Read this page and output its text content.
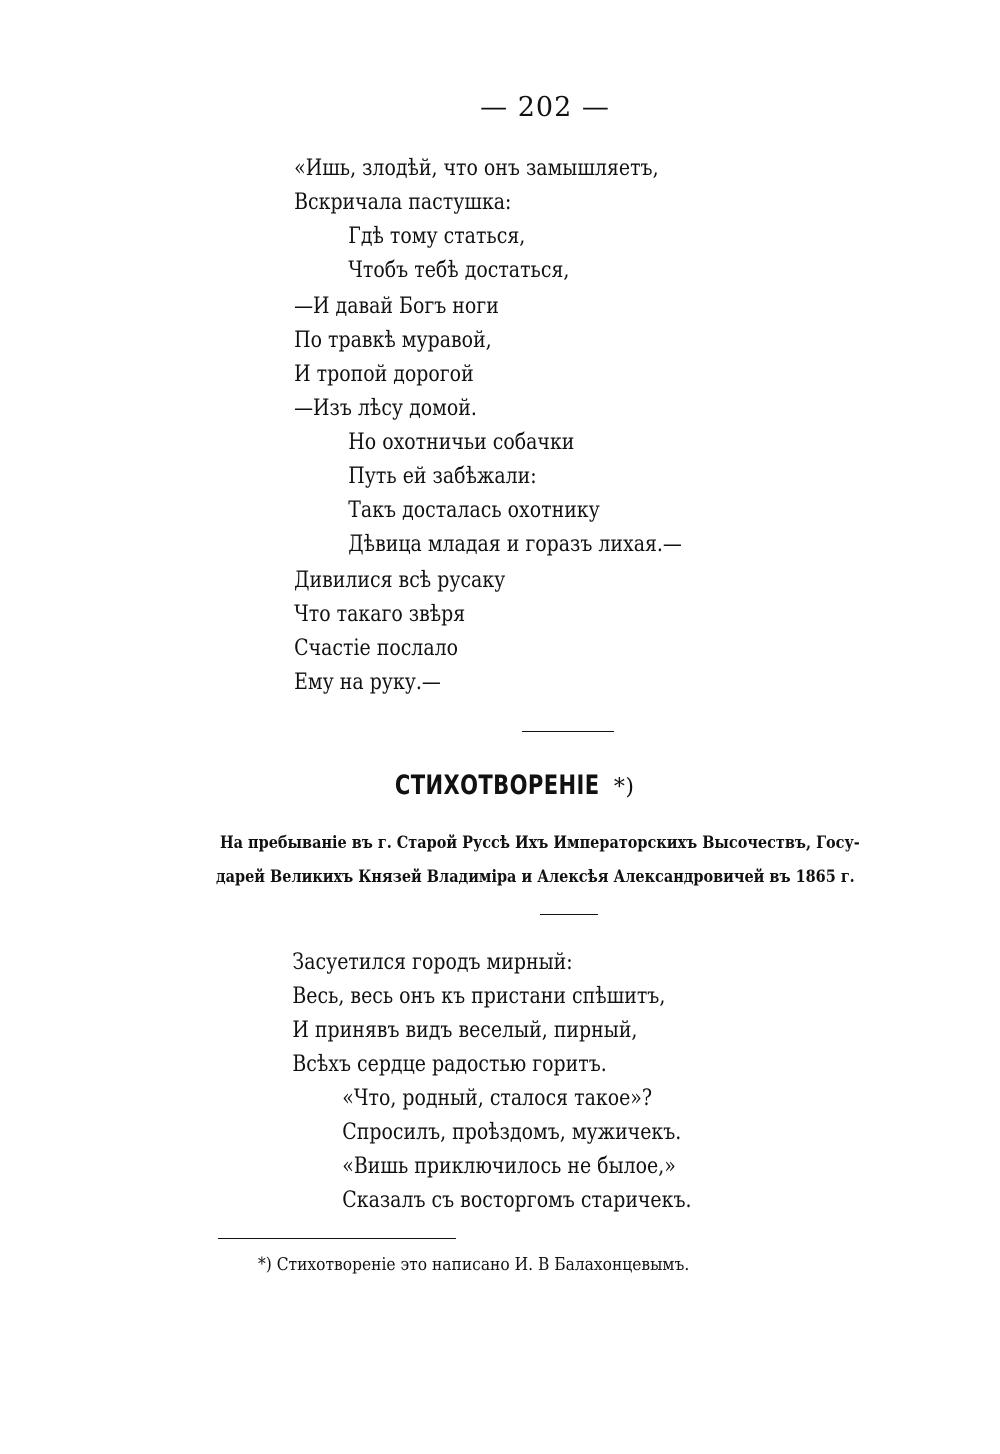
— 202 —
«Ишь, злодѣй, что онъ замышляетъ,
Вскричала пастушка:
Гдѣ тому статься,
Чтобъ тебѣ достаться,
—И давай Богъ ноги
По травкѣ муравой,
И тропой дорогой
—Изъ лѣсу домой.
Но охотничьи собачки
Путь ей забѣжали:
Такъ досталась охотнику
Дѣвица младая и горазъ лихая.—
Дивилися всѣ русаку
Что такаго звѣря
Счастіе послало
Ему на руку.—
СТИХОТВОРЕНІЕ *)
На пребываніе въ г. Старой Руссѣ Ихъ Императорскихъ Высочествъ, Госу-
дарей Великихъ Князей Владиміра и Алексѣя Александровичей въ 1865 г.
Засуетился городъ мирный:
Весь, весь онъ къ пристани спѣшитъ,
И принявъ видъ веселый, пирный,
Всѣхъ сердце радостью горитъ.
«Что, родный, сталося такое»?
Спросилъ, проѣздомъ, мужичекъ.
«Вишь приключилось не былое,»
Сказалъ съ восторгомъ старичекъ.
*) Стихотвореніе это написано И. В Балахонцевымъ.
